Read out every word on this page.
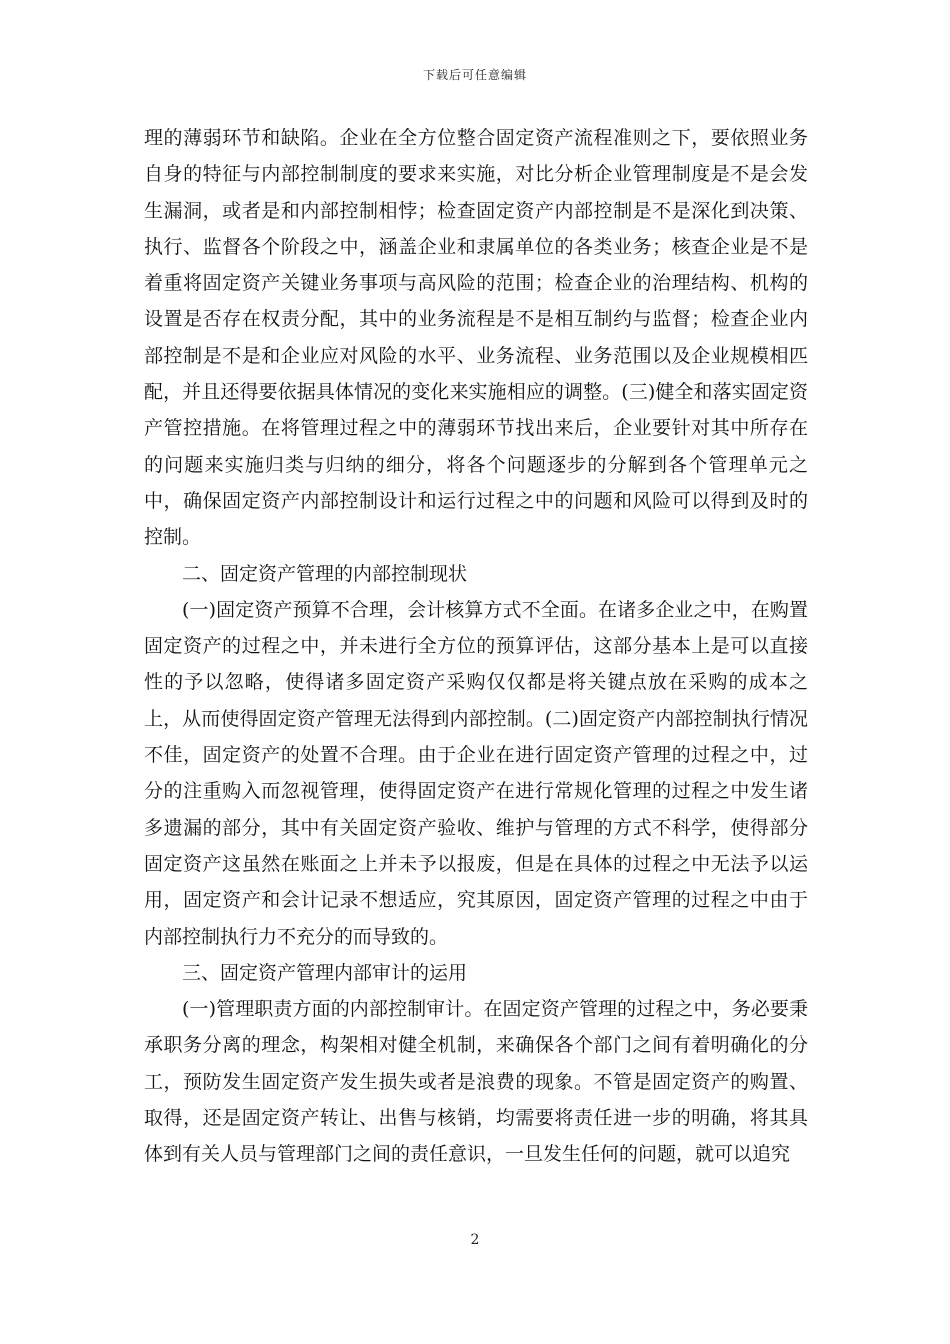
下载后可任意编辑

理的薄弱环节和缺陷。企业在全方位整合固定资产流程准则之下，要依照业务自身的特征与内部控制制度的要求来实施，对比分析企业管理制度是不是会发生漏洞，或者是和内部控制相悖；检查固定资产内部控制是不是深化到决策、执行、监督各个阶段之中，涵盖企业和隶属单位的各类业务；核查企业是不是着重将固定资产关键业务事项与高风险的范围；检查企业的治理结构、机构的设置是否存在权责分配，其中的业务流程是不是相互制约与监督；检查企业内部控制是不是和企业应对风险的水平、业务流程、业务范围以及企业规模相匹配，并且还得要依据具体情况的变化来实施相应的调整。(三)健全和落实固定资产管控措施。在将管理过程之中的薄弱环节找出来后，企业要针对其中所存在的问题来实施归类与归纳的细分，将各个问题逐步的分解到各个管理单元之中，确保固定资产内部控制设计和运行过程之中的问题和风险可以得到及时的控制。

二、固定资产管理的内部控制现状

(一)固定资产预算不合理，会计核算方式不全面。在诸多企业之中，在购置固定资产的过程之中，并未进行全方位的预算评估，这部分基本上是可以直接性的予以忽略，使得诸多固定资产采购仅仅都是将关键点放在采购的成本之上，从而使得固定资产管理无法得到内部控制。(二)固定资产内部控制执行情况不佳，固定资产的处置不合理。由于企业在进行固定资产管理的过程之中，过分的注重购入而忽视管理，使得固定资产在进行常规化管理的过程之中发生诸多遗漏的部分，其中有关固定资产验收、维护与管理的方式不科学，使得部分固定资产这虽然在账面之上并未予以报废，但是在具体的过程之中无法予以运用，固定资产和会计记录不想适应，究其原因，固定资产管理的过程之中由于内部控制执行力不充分的而导致的。

三、固定资产管理内部审计的运用

(一)管理职责方面的内部控制审计。在固定资产管理的过程之中，务必要秉承职务分离的理念，构架相对健全机制，来确保各个部门之间有着明确化的分工，预防发生固定资产发生损失或者是浪费的现象。不管是固定资产的购置、取得，还是固定资产转让、出售与核销，均需要将责任进一步的明确，将其具体到有关人员与管理部门之间的责任意识，一旦发生任何的问题，就可以追究

2
